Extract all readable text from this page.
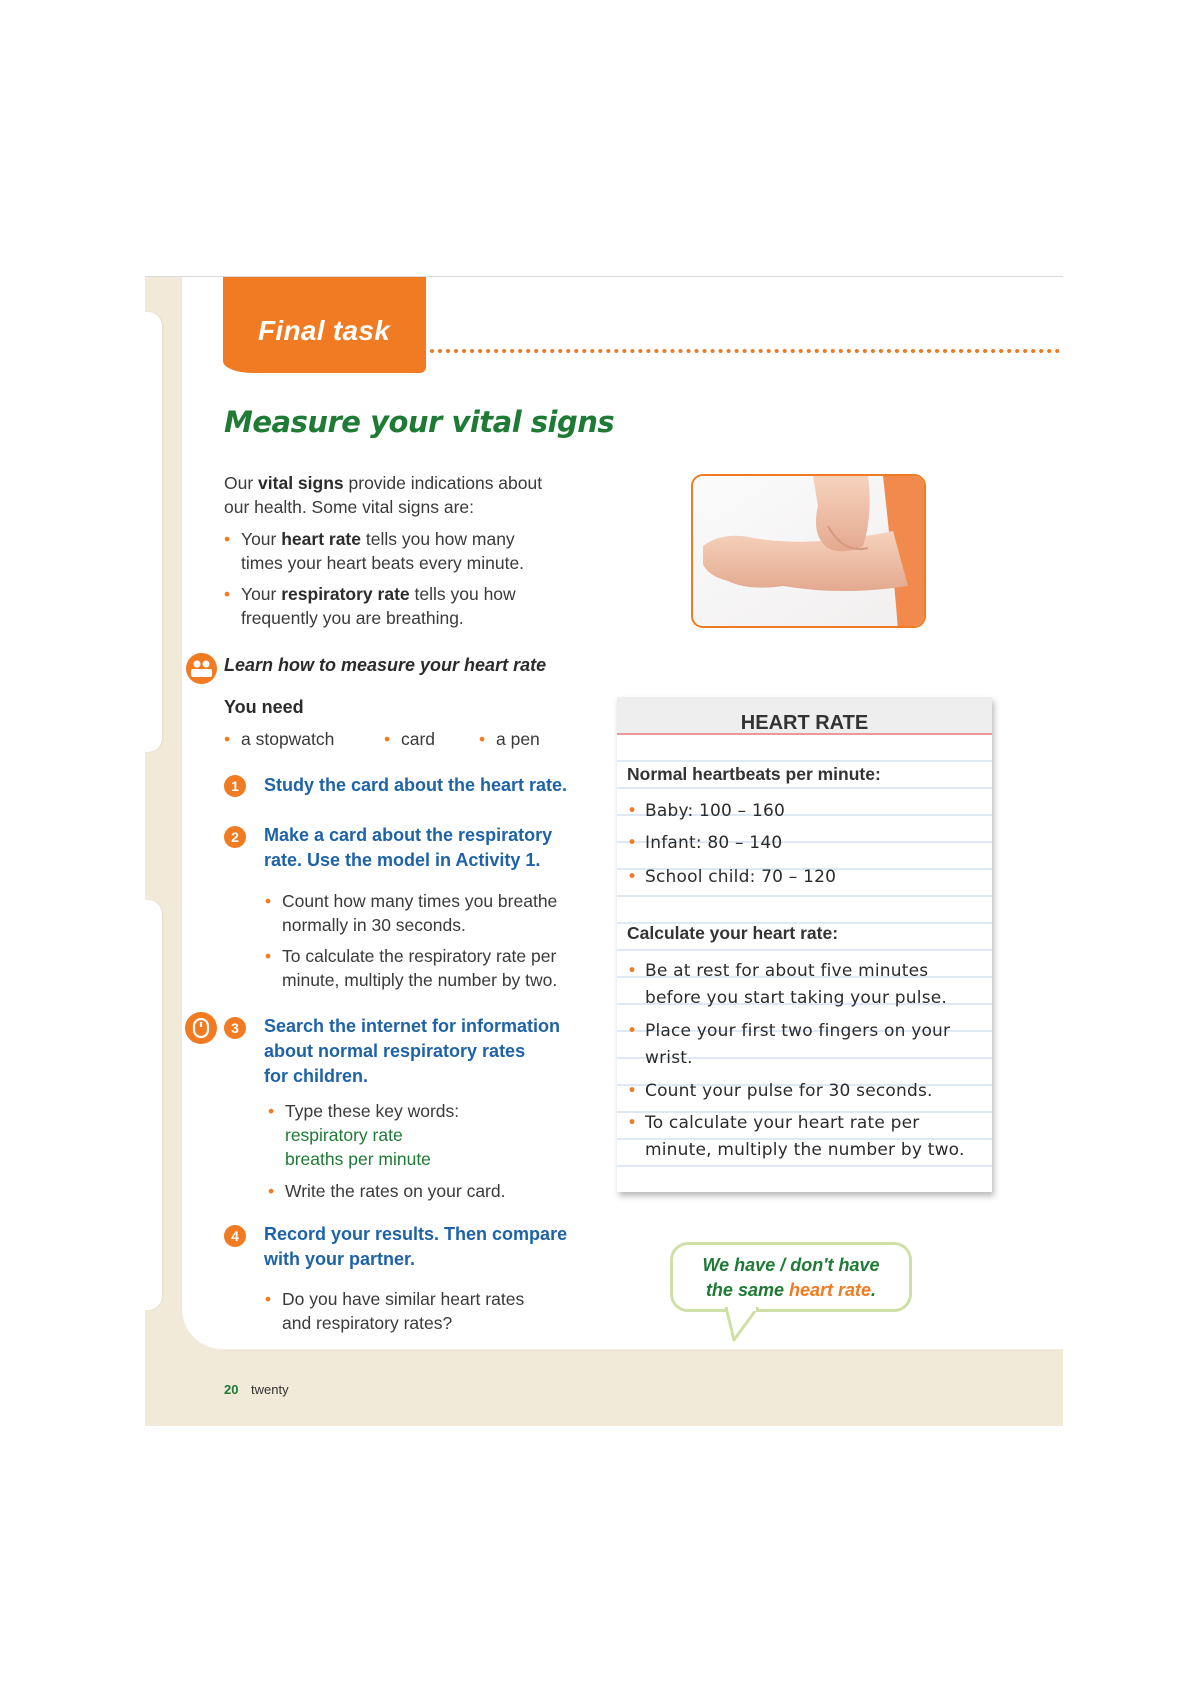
Final task
Measure your vital signs
Our vital signs provide indications about
our health. Some vital signs are:
• Your heart rate tells you how many
times your heart beats every minute.
• Your respiratory rate tells you how
frequently you are breathing.
Learn how to measure your heart rate
You need
• a stopwatch	• card	• a pen
1	Study the card about the heart rate.
2	Make a card about the respiratory
rate. Use the model in Activity 1.
• Count how many times you breathe
normally in 30 seconds.
• To calculate the respiratory rate per
minute, multiply the number by two.
3	Search the internet for information
about normal respiratory rates
for children.
• Type these key words:
respiratory rate
breaths per minute
• Write the rates on your card.
4	Record your results. Then compare
with your partner.
• Do you have similar heart rates
and respiratory rates?
HEART RATE
Normal heartbeats per minute:
• Baby: 100 – 160
• Infant: 80 – 140
• School child: 70 – 120
Calculate your heart rate:
• Be at rest for about five minutes
before you start taking your pulse.
• Place your first two fingers on your
wrist.
• Count your pulse for 30 seconds.
• To calculate your heart rate per
minute, multiply the number by two.
We have / don't have
the same heart rate.
20 twenty
